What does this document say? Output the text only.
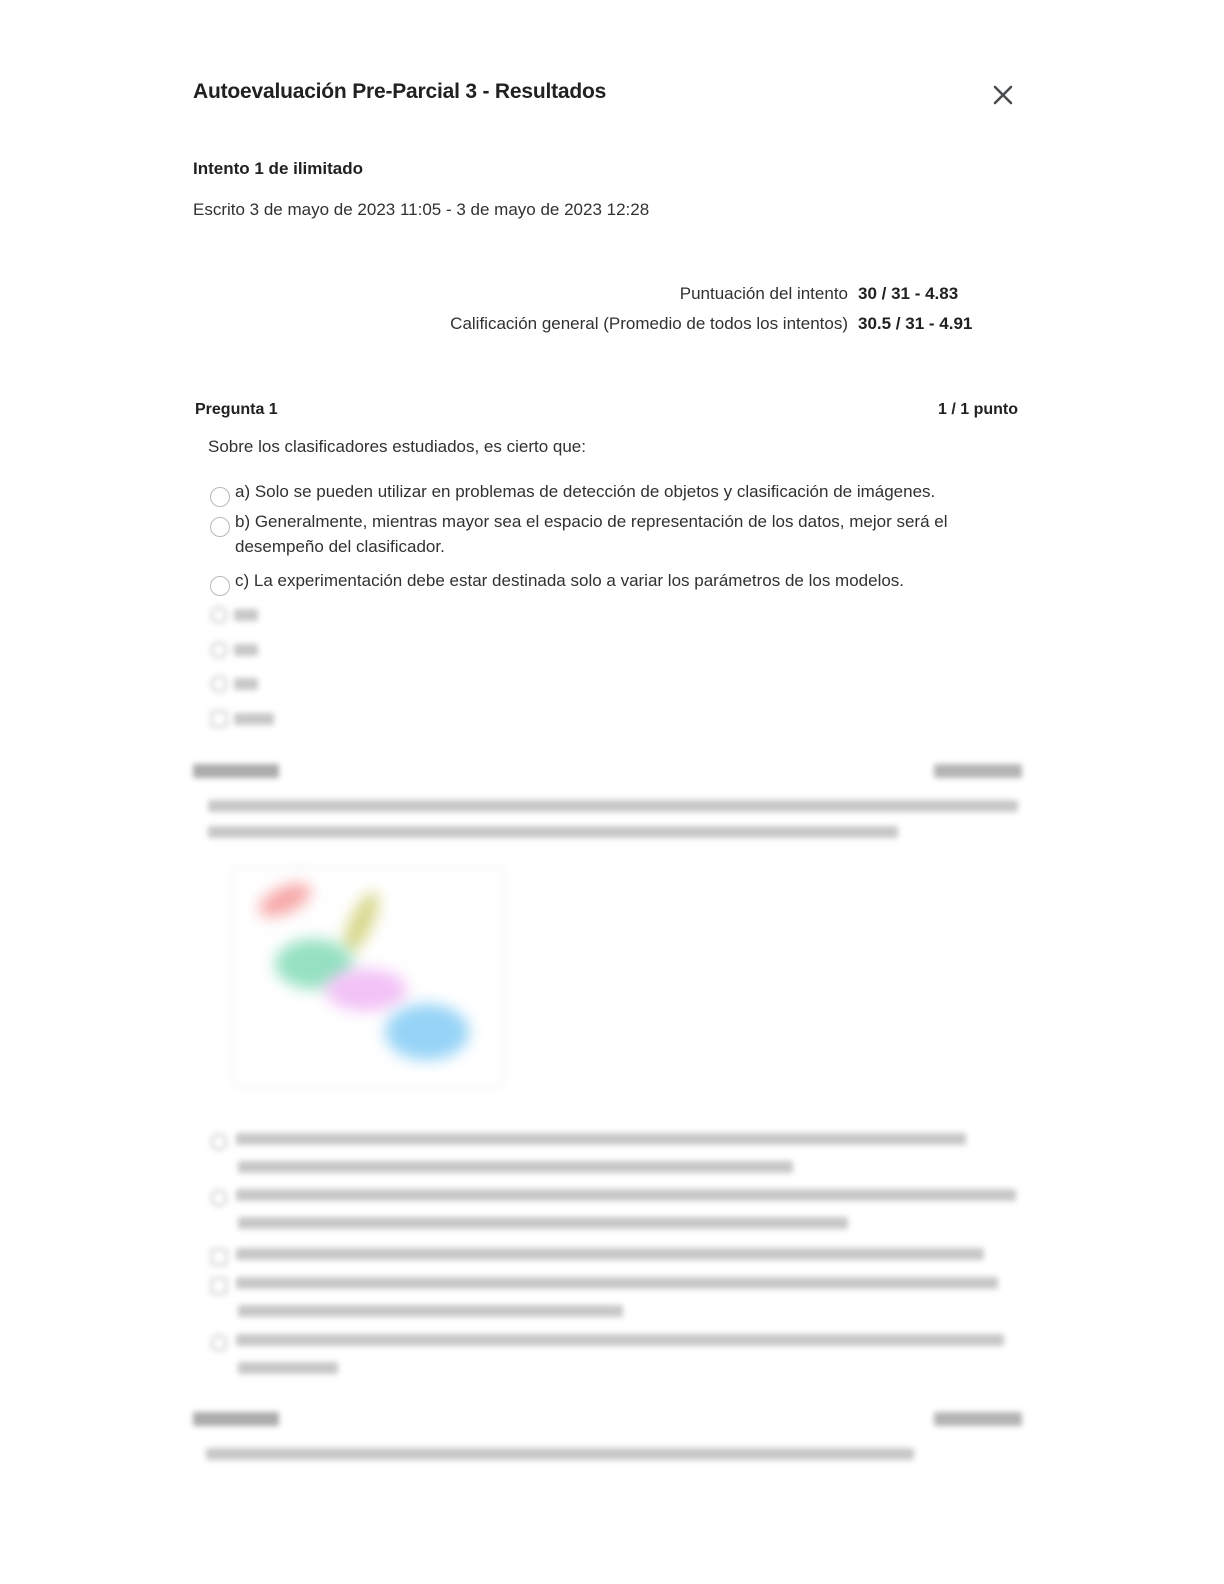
Autoevaluación Pre-Parcial 3 - Resultados
Intento 1 de ilimitado
Escrito 3 de mayo de 2023 11:05 - 3 de mayo de 2023 12:28
Puntuación del intento 30 / 31 - 4.83
Calificación general (Promedio de todos los intentos) 30.5 / 31 - 4.91
Pregunta 1	1 / 1 punto
Sobre los clasificadores estudiados, es cierto que:
a) Solo se pueden utilizar en problemas de detección de objetos y clasificación de imágenes.
b) Generalmente, mientras mayor sea el espacio de representación de los datos, mejor será el desempeño del clasificador.
c) La experimentación debe estar destinada solo a variar los parámetros de los modelos.
